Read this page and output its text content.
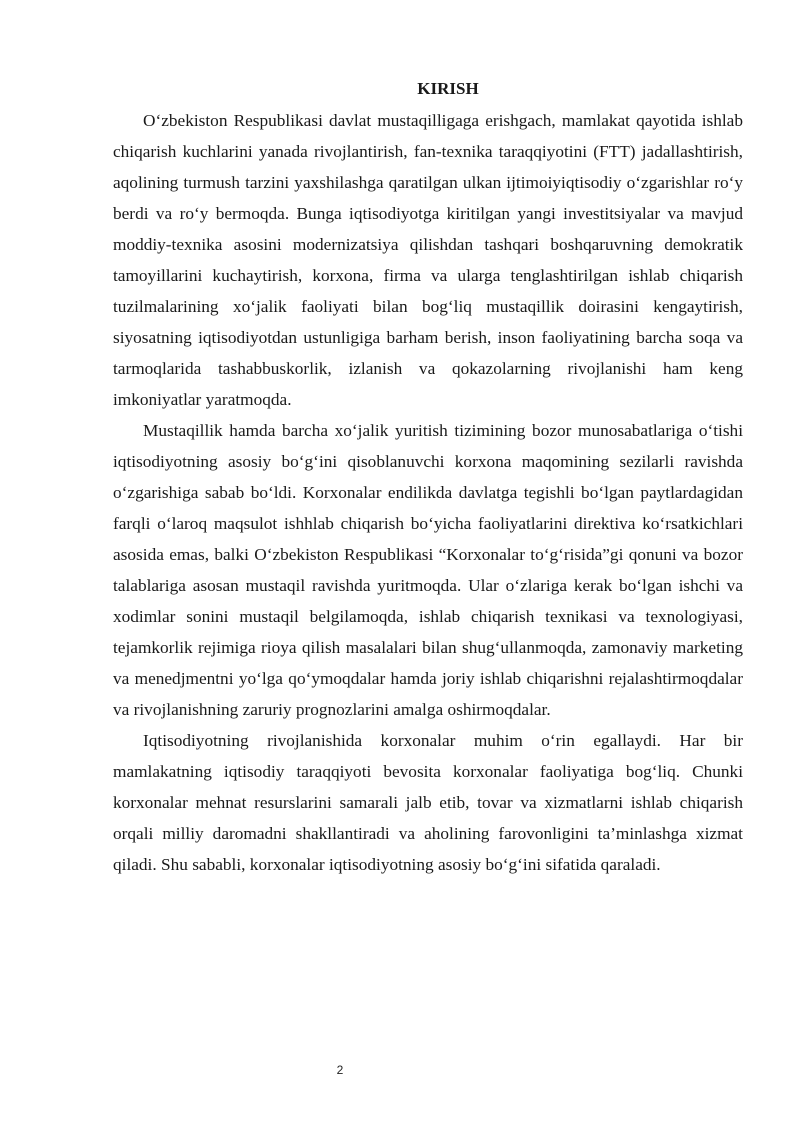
KIRISH

O‘zbekiston Respublikasi davlat mustaqilligaga erishgach, mamlakat qayotida ishlab chiqarish kuchlarini yanada rivojlantirish, fan-texnika taraqqiyotini (FTT) jadallashtirish, aqolining turmush tarzini yaxshilashga qaratilgan ulkan ijtimoiyiqtisodiy o‘zgarishlar ro‘y berdi va ro‘y bermoqda. Bunga iqtisodiyotga kiritilgan yangi investitsiyalar va mavjud moddiy-texnika asosini modernizatsiya qilishdan tashqari boshqaruvning demokratik tamoyillarini kuchaytirish, korxona, firma va ularga tenglashtirilgan ishlab chiqarish tuzilmalarining xo‘jalik faoliyati bilan bog‘liq mustaqillik doirasini kengaytirish, siyosatning iqtisodiyotdan ustunligiga barham berish, inson faoliyatining barcha soqa va tarmoqlarida tashabbuskorlik, izlanish va qokazolarning rivojlanishi ham keng imkoniyatlar yaratmoqda.

Mustaqillik hamda barcha xo‘jalik yuritish tizimining bozor munosabatlariga o‘tishi iqtisodiyotning asosiy bo‘g‘ini qisoblanuvchi korxona maqomining sezilarli ravishda o‘zgarishiga sabab bo‘ldi. Korxonalar endilikda davlatga tegishli bo‘lgan paytlardagidan farqli o‘laroq maqsulot ishhlab chiqarish bo‘yicha faoliyatlarini direktiva ko‘rsatkichlari asosida emas, balki O‘zbekiston Respublikasi “Korxonalar to‘g‘risida”gi qonuni va bozor talablariga asosan mustaqil ravishda yuritmoqda. Ular o‘zlariga kerak bo‘lgan ishchi va xodimlar sonini mustaqil belgilamoqda, ishlab chiqarish texnikasi va texnologiyasi, tejamkorlik rejimiga rioya qilish masalalari bilan shug‘ullanmoqda, zamonaviy marketing va menedjmentni yo‘lga qo‘ymoqdalar hamda joriy ishlab chiqarishni rejalashtirmoqdalar va rivojlanishning zaruriy prognozlarini amalga oshirmoqdalar.

Iqtisodiyotning rivojlanishida korxonalar muhim o‘rin egallaydi. Har bir mamlakatning iqtisodiy taraqqiyoti bevosita korxonalar faoliyatiga bog‘liq. Chunki korxonalar mehnat resurslarini samarali jalb etib, tovar va xizmatlarni ishlab chiqarish orqali milliy daromadni shakllantiradi va aholining farovonligini ta’minlashga xizmat qiladi. Shu sababli, korxonalar iqtisodiyotning asosiy bo‘g‘ini sifatida qaraladi.

2
